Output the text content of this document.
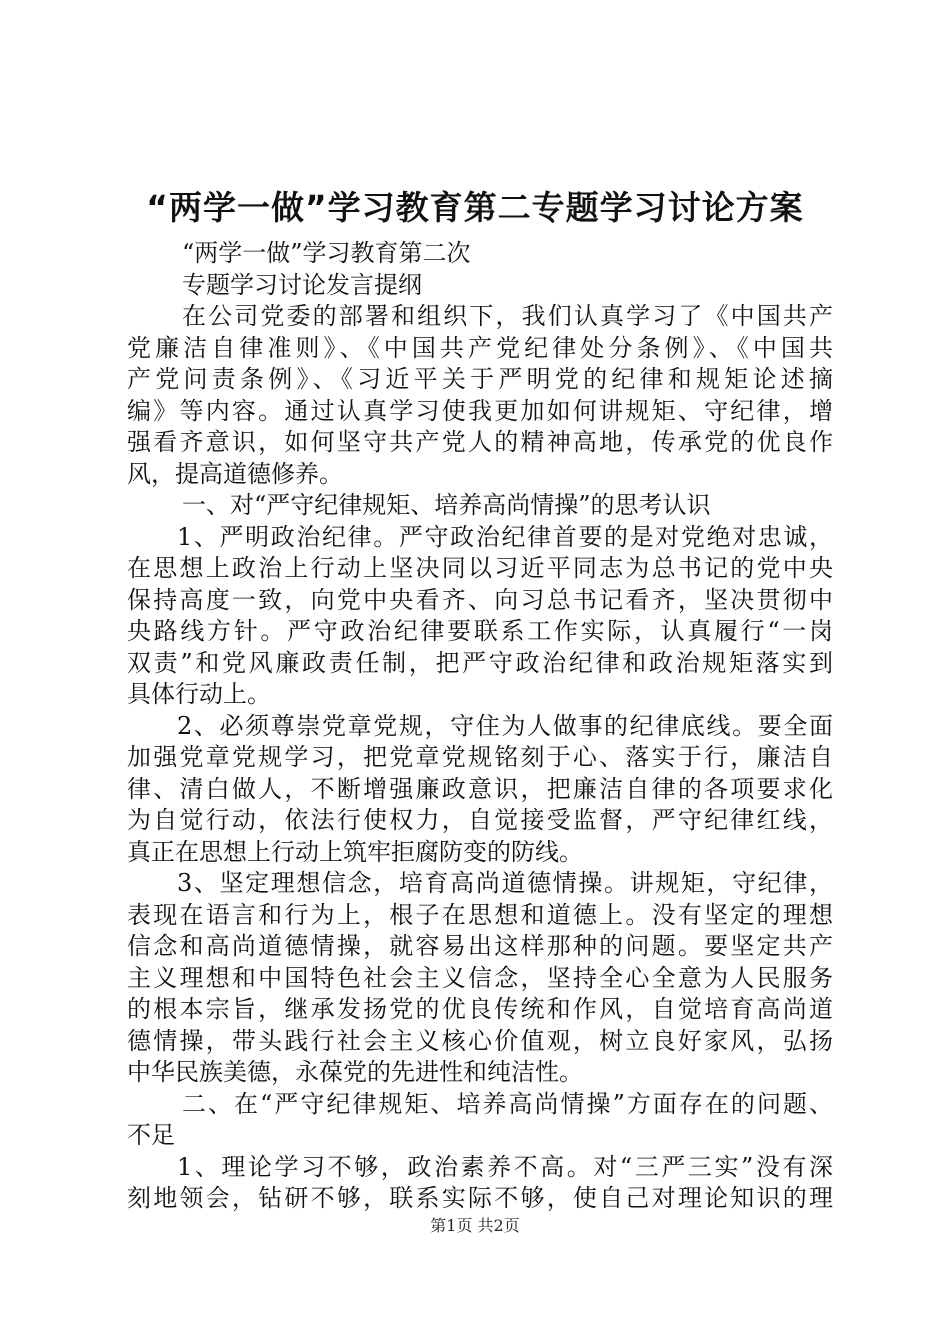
“两学一做”学习教育第二专题学习讨论方案
“两学一做”学习教育第二次
专题学习讨论发言提纲
在公司党委的部署和组织下，我们认真学习了《中国共产
党廉洁自律准则》、《中国共产党纪律处分条例》、《中国共
产党问责条例》、《习近平关于严明党的纪律和规矩论述摘
编》等内容。通过认真学习使我更加如何讲规矩、守纪律，增
强看齐意识，如何坚守共产党人的精神高地，传承党的优良作
风，提高道德修养。
一、对“严守纪律规矩、培养高尚情操”的思考认识
1、严明政治纪律。严守政治纪律首要的是对党绝对忠诚，
在思想上政治上行动上坚决同以习近平同志为总书记的党中央
保持高度一致，向党中央看齐、向习总书记看齐，坚决贯彻中
央路线方针。严守政治纪律要联系工作实际，认真履行“一岗
双责”和党风廉政责任制，把严守政治纪律和政治规矩落实到
具体行动上。
2、必须尊崇党章党规，守住为人做事的纪律底线。要全面
加强党章党规学习，把党章党规铭刻于心、落实于行，廉洁自
律、清白做人，不断增强廉政意识，把廉洁自律的各项要求化
为自觉行动，依法行使权力，自觉接受监督，严守纪律红线，
真正在思想上行动上筑牢拒腐防变的防线。
3、坚定理想信念，培育高尚道德情操。讲规矩，守纪律，
表现在语言和行为上，根子在思想和道德上。没有坚定的理想
信念和高尚道德情操，就容易出这样那种的问题。要坚定共产
主义理想和中国特色社会主义信念，坚持全心全意为人民服务
的根本宗旨，继承发扬党的优良传统和作风，自觉培育高尚道
德情操，带头践行社会主义核心价值观，树立良好家风，弘扬
中华民族美德，永葆党的先进性和纯洁性。
二、在“严守纪律规矩、培养高尚情操”方面存在的问题、
不足
1、理论学习不够，政治素养不高。对“三严三实”没有深
刻地领会，钻研不够，联系实际不够，使自己对理论知识的理
第1页 共2页
